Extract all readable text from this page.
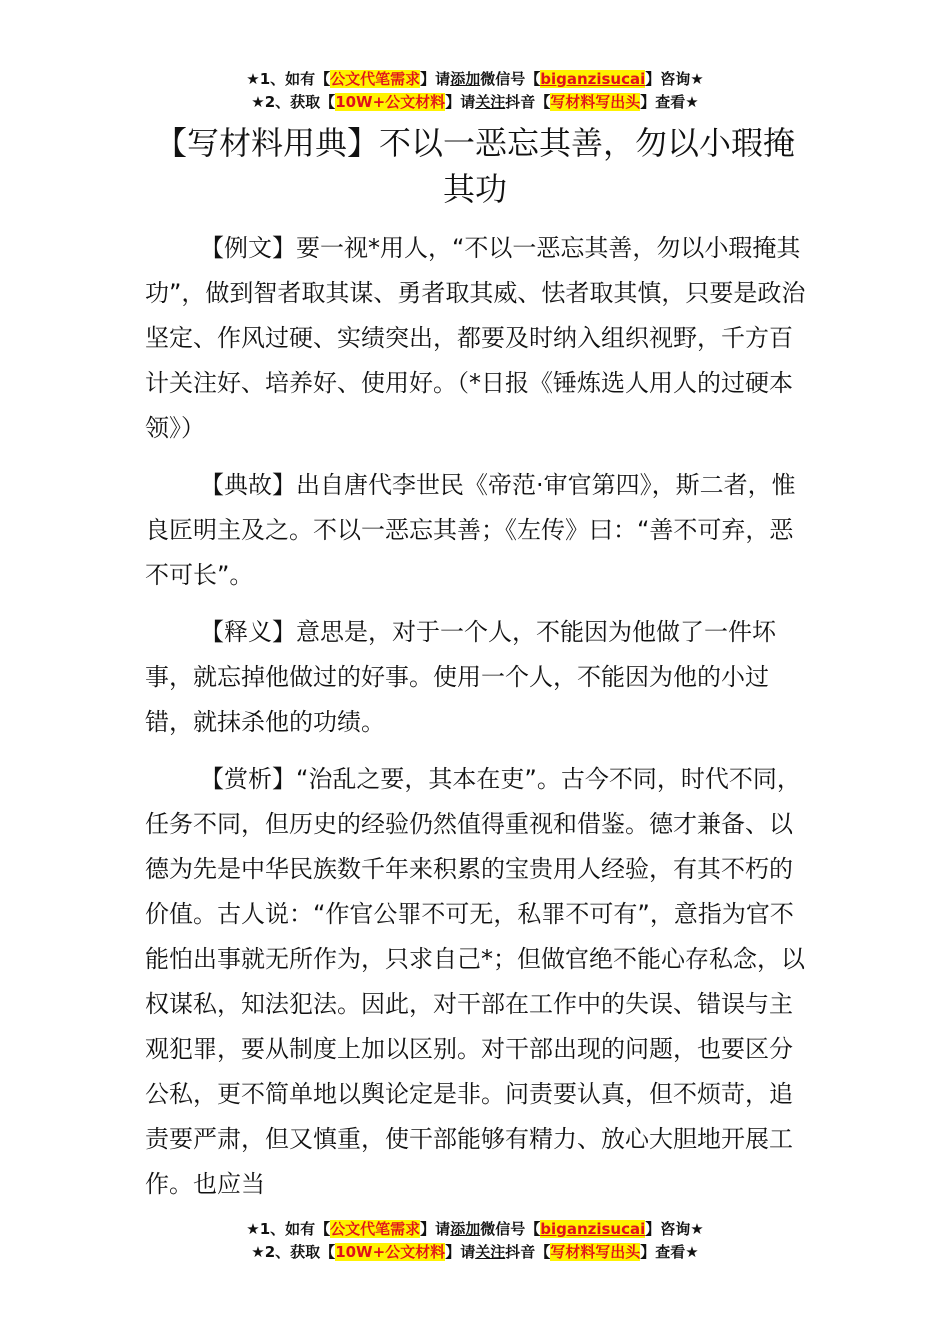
★1、如有【公文代笔需求】请添加微信号【biganzisucai】咨询★
★2、获取【10W+公文材料】请关注抖音【写材料写出头】查看★
【写材料用典】不以一恶忘其善，勿以小瑕掩其功

【例文】要一视*用人，“不以一恶忘其善，勿以小瑕掩其功”，做到智者取其谋、勇者取其威、怯者取其慎，只要是政治坚定、作风过硬、实绩突出，都要及时纳入组织视野，千方百计关注好、培养好、使用好。（*日报《锤炼选人用人的过硬本领》）

【典故】出自唐代李世民《帝范·审官第四》，斯二者，惟良匠明主及之。不以一恶忘其善；《左传》曰：“善不可弃，恶不可长”。

【释义】意思是，对于一个人，不能因为他做了一件坏事，就忘掉他做过的好事。使用一个人，不能因为他的小过错，就抹杀他的功绩。

【赏析】“治乱之要，其本在吏”。古今不同，时代不同，任务不同，但历史的经验仍然值得重视和借鉴。德才兼备、以德为先是中华民族数千年来积累的宝贵用人经验，有其不朽的价值。古人说：“作官公罪不可无，私罪不可有”，意指为官不能怕出事就无所作为，只求自己*；但做官绝不能心存私念，以权谋私，知法犯法。因此，对干部在工作中的失误、错误与主观犯罪，要从制度上加以区别。对干部出现的问题，也要区分公私，更不简单地以舆论定是非。问责要认真，但不烦苛，追责要严肃，但又慎重，使干部能够有精力、放心大胆地开展工作。也应当

★1、如有【公文代笔需求】请添加微信号【biganzisucai】咨询★
★2、获取【10W+公文材料】请关注抖音【写材料写出头】查看★
